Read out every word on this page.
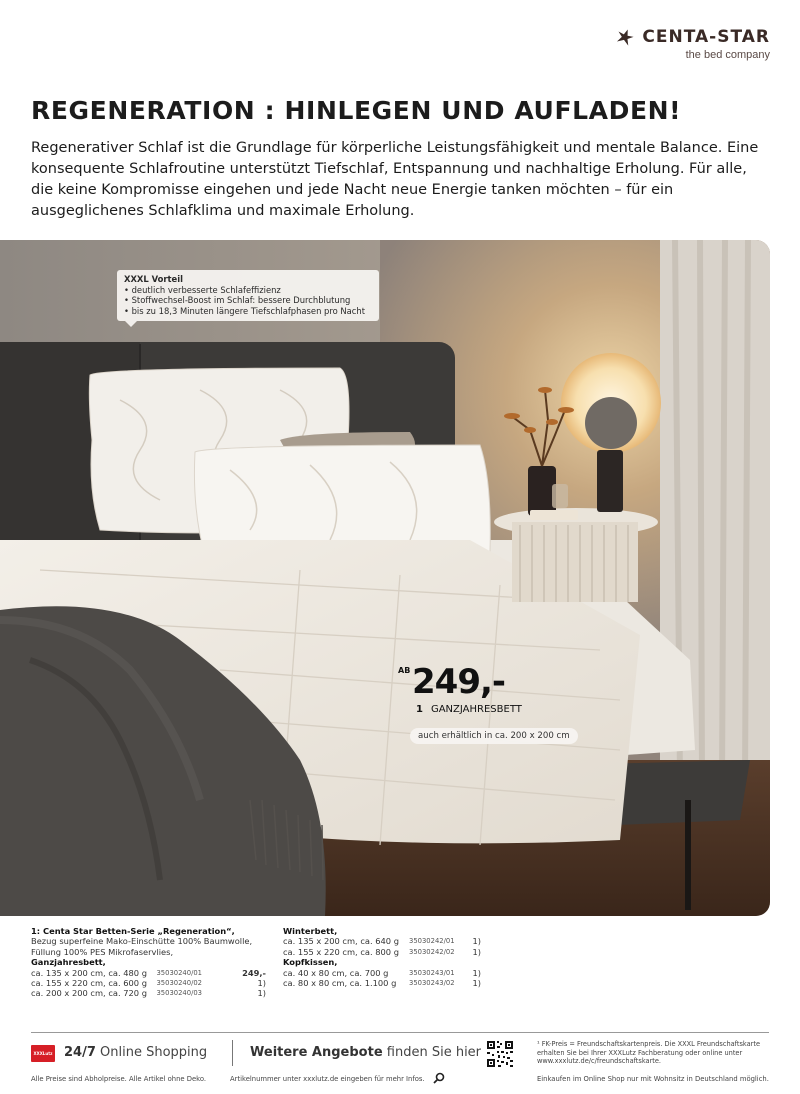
CENTA-STAR
the bed company
REGENERATION : HINLEGEN UND AUFLADEN!

Regenerativer Schlaf ist die Grundlage für körperliche Leistungsfähigkeit und mentale Balance. Eine konsequente Schlafroutine unterstützt Tiefschlaf, Entspannung und nachhaltige Erholung. Für alle, die keine Kompromisse eingehen und jede Nacht neue Energie tanken möchten – für ein ausgeglichenes Schlafklima und maximale Erholung.

XXXL Vorteil
• deutlich verbesserte Schlafeffizienz
• Stoffwechsel-Boost im Schlaf: bessere Durchblutung
• bis zu 18,3 Minuten längere Tiefschlafphasen pro Nacht
AB 249,-
1 GANZJAHRESBETT
auch erhältlich in ca. 200 x 200 cm
1: Centa Star Betten-Serie „Regeneration“,
Bezug superfeine Mako-Einschütte 100% Baumwolle,
Füllung 100% PES Mikrofaservlies,
Ganzjahresbett,
ca. 135 x 200 cm, ca. 480 g	35030240/01	249,-
ca. 155 x 220 cm, ca. 600 g	35030240/02	1)
ca. 200 x 200 cm, ca. 720 g	35030240/03	1)
Winterbett,
ca. 135 x 200 cm, ca. 640 g	35030242/01	1)
ca. 155 x 220 cm, ca. 800 g	35030242/02	1)
Kopfkissen,
ca. 40 x 80 cm, ca. 700 g	35030243/01	1)
ca. 80 x 80 cm, ca. 1.100 g	35030243/02	1)
XXXLutz 24/7 Online Shopping	Weitere Angebote finden Sie hier
¹ FK-Preis = Freundschaftskartenpreis. Die XXXL Freundschaftskarte erhalten Sie bei Ihrer XXXLutz Fachberatung oder online unter www.xxxlutz.de/c/freundschaftskarte.
Alle Preise sind Abholpreise. Alle Artikel ohne Deko.	Artikelnummer unter xxxlutz.de eingeben für mehr Infos.	Einkaufen im Online Shop nur mit Wohnsitz in Deutschland möglich.
